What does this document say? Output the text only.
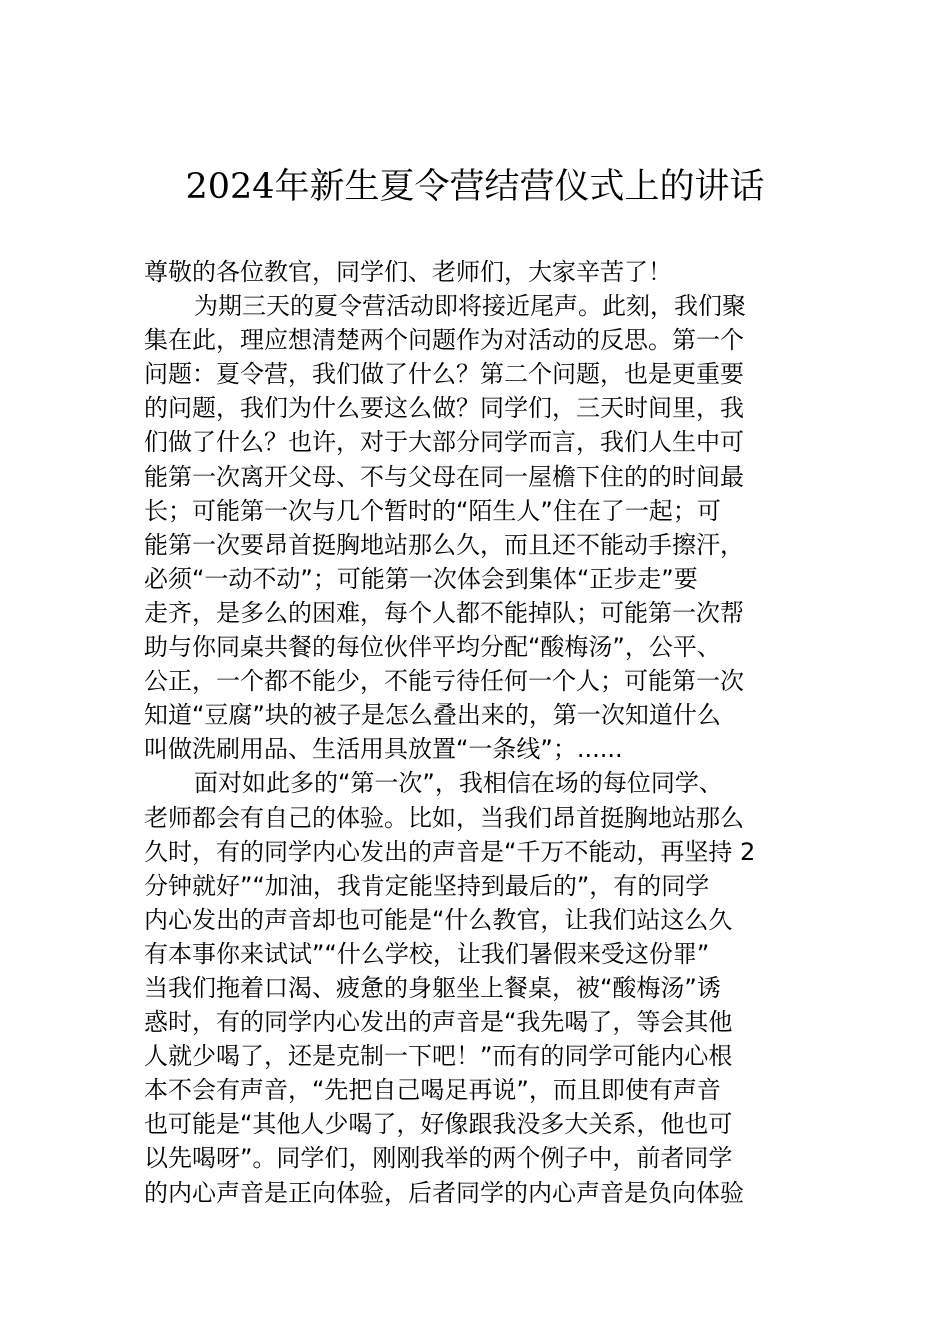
2024年新生夏令营结营仪式上的讲话
尊敬的各位教官，同学们、老师们，大家辛苦了！
为期三天的夏令营活动即将接近尾声。此刻，我们聚
集在此，理应想清楚两个问题作为对活动的反思。第一个
问题：夏令营，我们做了什么？第二个问题，也是更重要
的问题，我们为什么要这么做？同学们，三天时间里，我
们做了什么？也许，对于大部分同学而言，我们人生中可
能第一次离开父母、不与父母在同一屋檐下住的的时间最
长；可能第一次与几个暂时的“陌生人”住在了一起；可
能第一次要昂首挺胸地站那么久，而且还不能动手擦汗，
必须“一动不动”；可能第一次体会到集体“正步走”要
走齐，是多么的困难，每个人都不能掉队；可能第一次帮
助与你同桌共餐的每位伙伴平均分配“酸梅汤”，公平、
公正，一个都不能少，不能亏待任何一个人；可能第一次
知道“豆腐”块的被子是怎么叠出来的，第一次知道什么
叫做洗刷用品、生活用具放置“一条线”；......
面对如此多的“第一次”，我相信在场的每位同学、
老师都会有自己的体验。比如，当我们昂首挺胸地站那么
久时，有的同学内心发出的声音是“千万不能动，再坚持 2
分钟就好”“加油，我肯定能坚持到最后的”，有的同学
内心发出的声音却也可能是“什么教官，让我们站这么久
有本事你来试试”“什么学校，让我们暑假来受这份罪”
当我们拖着口渴、疲惫的身躯坐上餐桌，被“酸梅汤”诱
惑时，有的同学内心发出的声音是“我先喝了，等会其他
人就少喝了，还是克制一下吧！”而有的同学可能内心根
本不会有声音，“先把自己喝足再说”，而且即使有声音
也可能是“其他人少喝了，好像跟我没多大关系，他也可
以先喝呀”。同学们，刚刚我举的两个例子中，前者同学
的内心声音是正向体验，后者同学的内心声音是负向体验
